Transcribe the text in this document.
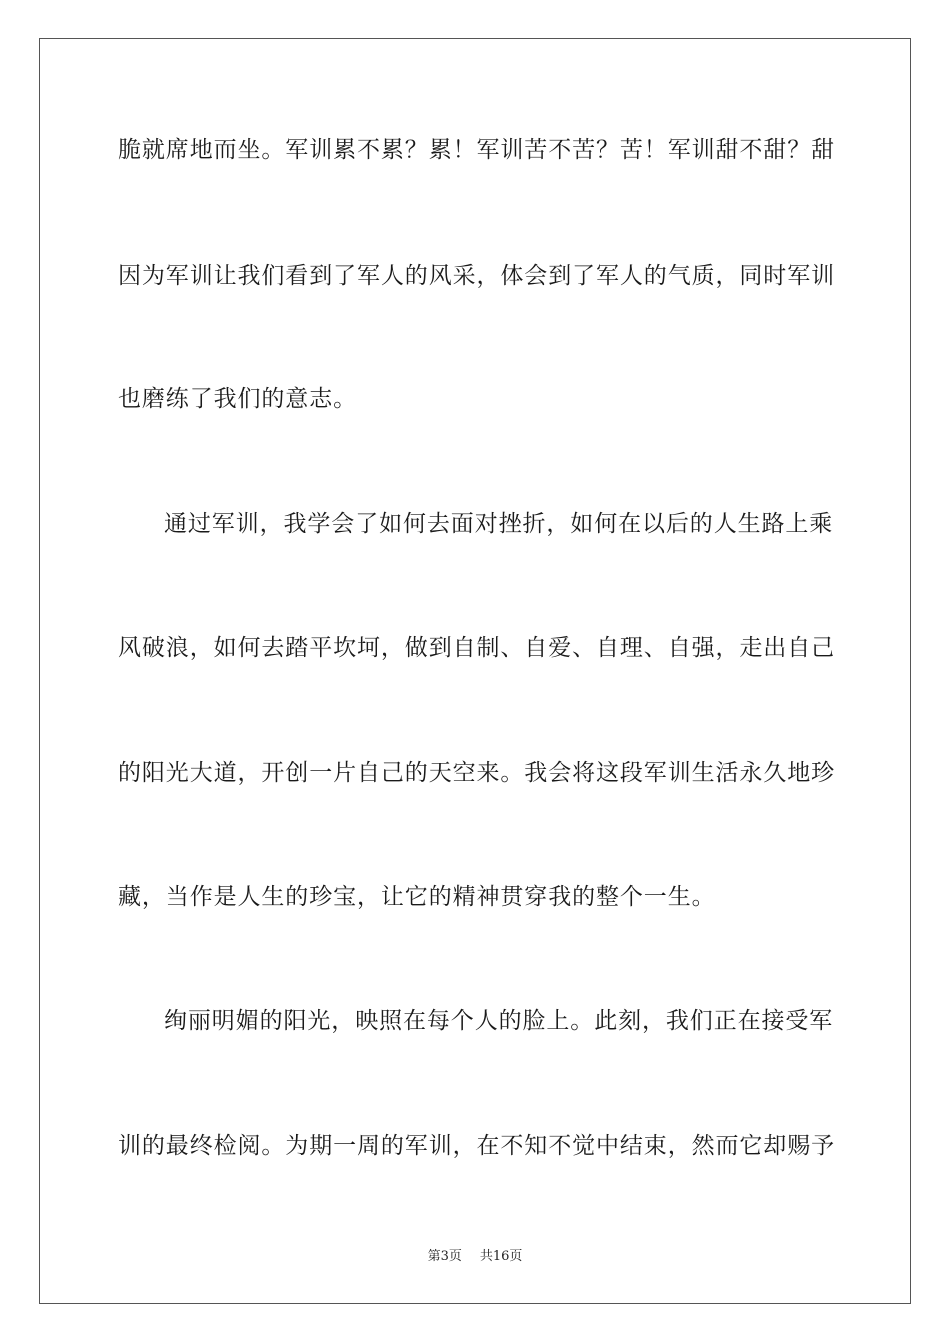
脆就席地而坐。军训累不累？累！军训苦不苦？苦！军训甜不甜？甜
因为军训让我们看到了军人的风采，体会到了军人的气质，同时军训
也磨练了我们的意志。
通过军训，我学会了如何去面对挫折，如何在以后的人生路上乘
风破浪，如何去踏平坎坷，做到自制、自爱、自理、自强，走出自己
的阳光大道，开创一片自己的天空来。我会将这段军训生活永久地珍
藏，当作是人生的珍宝，让它的精神贯穿我的整个一生。
绚丽明媚的阳光，映照在每个人的脸上。此刻，我们正在接受军
训的最终检阅。为期一周的军训，在不知不觉中结束，然而它却赐予
第3页 共16页
